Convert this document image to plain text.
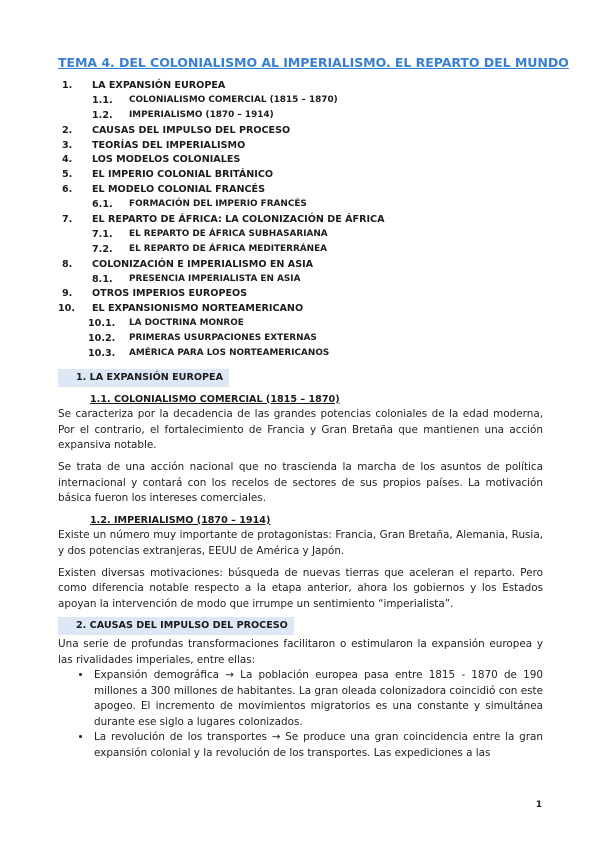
TEMA 4. DEL COLONIALISMO AL IMPERIALISMO. EL REPARTO DEL MUNDO
1. LA EXPANSIÓN EUROPEA
1.1. COLONIALISMO COMERCIAL (1815 – 1870)
1.2. IMPERIALISMO (1870 – 1914)
2. CAUSAS DEL IMPULSO DEL PROCESO
3. TEORÍAS DEL IMPERIALISMO
4. LOS MODELOS COLONIALES
5. EL IMPERIO COLONIAL BRITÁNICO
6. EL MODELO COLONIAL FRANCÉS
6.1. FORMACIÓN DEL IMPERIO FRANCÉS
7. EL REPARTO DE ÁFRICA: LA COLONIZACIÓN DE ÁFRICA
7.1. EL REPARTO DE ÁFRICA SUBHASARIANA
7.2. EL REPARTO DE ÁFRICA MEDITERRÁNEA
8. COLONIZACIÓN E IMPERIALISMO EN ASIA
8.1. PRESENCIA IMPERIALISTA EN ASIA
9. OTROS IMPERIOS EUROPEOS
10. EL EXPANSIONISMO NORTEAMERICANO
10.1. LA DOCTRINA MONROE
10.2. PRIMERAS USURPACIONES EXTERNAS
10.3. AMÉRICA PARA LOS NORTEAMERICANOS
1. LA EXPANSIÓN EUROPEA
1.1. COLONIALISMO COMERCIAL (1815 – 1870)

Se caracteriza por la decadencia de las grandes potencias coloniales de la edad moderna, Por el contrario, el fortalecimiento de Francia y Gran Bretaña que mantienen una acción expansiva notable.

Se trata de una acción nacional que no trascienda la marcha de los asuntos de política internacional y contará con los recelos de sectores de sus propios países. La motivación básica fueron los intereses comerciales.

1.2. IMPERIALISMO (1870 – 1914)

Existe un número muy importante de protagonistas: Francia, Gran Bretaña, Alemania, Rusia, y dos potencias extranjeras, EEUU de América y Japón.

Existen diversas motivaciones: búsqueda de nuevas tierras que aceleran el reparto. Pero como diferencia notable respecto a la etapa anterior, ahora los gobiernos y los Estados apoyan la intervención de modo que irrumpe un sentimiento “imperialista”.

2. CAUSAS DEL IMPULSO DEL PROCESO

Una serie de profundas transformaciones facilitaron o estimularon la expansión europea y las rivalidades imperiales, entre ellas:

• Expansión demográfica → La población europea pasa entre 1815 - 1870 de 190 millones a 300 millones de habitantes. La gran oleada colonizadora coincidió con este apogeo. El incremento de movimientos migratorios es una constante y simultánea durante ese siglo a lugares colonizados.
• La revolución de los transportes → Se produce una gran coincidencia entre la gran expansión colonial y la revolución de los transportes. Las expediciones a las
1
